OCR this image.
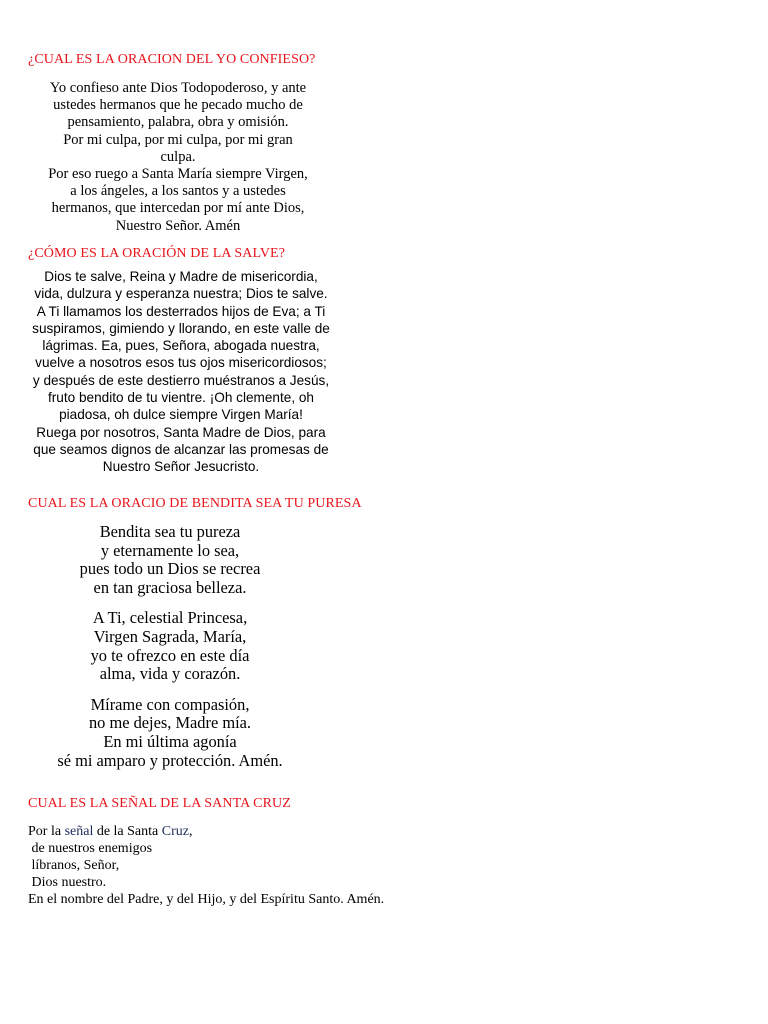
¿CUAL ES LA ORACION DEL YO CONFIESO?
Yo confieso ante Dios Todopoderoso, y ante
ustedes hermanos que he pecado mucho de
pensamiento, palabra, obra y omisión.
Por mi culpa, por mi culpa, por mi gran
culpa.
Por eso ruego a Santa María siempre Virgen,
a los ángeles, a los santos y a ustedes
hermanos, que intercedan por mí ante Dios,
Nuestro Señor. Amén
¿CÓMO ES LA ORACIÓN DE LA SALVE?
Dios te salve, Reina y Madre de misericordia,
vida, dulzura y esperanza nuestra; Dios te salve.
A Ti llamamos los desterrados hijos de Eva; a Ti
suspiramos, gimiendo y llorando, en este valle de
lágrimas. Ea, pues, Señora, abogada nuestra,
vuelve a nosotros esos tus ojos misericordiosos;
y después de este destierro muéstranos a Jesús,
fruto bendito de tu vientre. ¡Oh clemente, oh
piadosa, oh dulce siempre Virgen María!
Ruega por nosotros, Santa Madre de Dios, para
que seamos dignos de alcanzar las promesas de
Nuestro Señor Jesucristo.
CUAL ES LA ORACIO DE BENDITA SEA TU PURESA
Bendita sea tu pureza
y eternamente lo sea,
pues todo un Dios se recrea
en tan graciosa belleza.
A Ti, celestial Princesa,
Virgen Sagrada, María,
yo te ofrezco en este día
alma, vida y corazón.
Mírame con compasión,
no me dejes, Madre mía.
En mi última agonía
sé mi amparo y protección. Amén.
CUAL ES LA SEÑAL DE LA SANTA CRUZ
Por la señal de la Santa Cruz,
de nuestros enemigos
líbranos, Señor,
Dios nuestro.
En el nombre del Padre, y del Hijo, y del Espíritu Santo. Amén.
